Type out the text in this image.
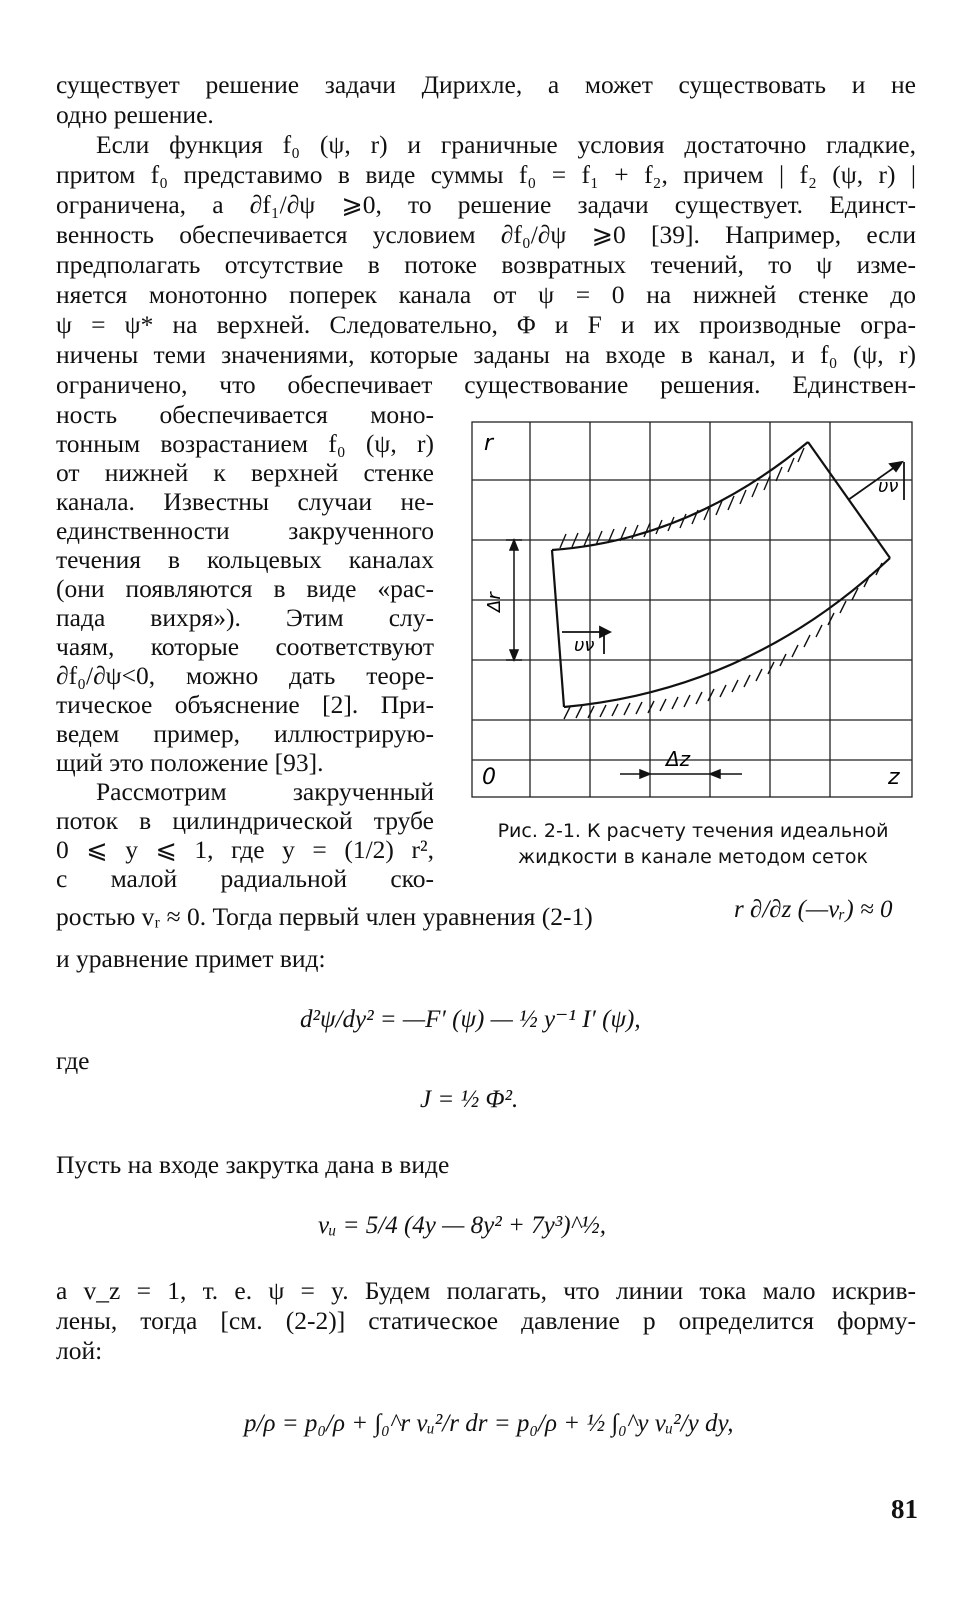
существует решение задачи Дирихле, а может существовать и не
одно решение.
Если функция f₀ (ψ, r) и граничные условия достаточно гладкие,
притом f₀ представимо в виде суммы f₀ = f₁ + f₂, причем | f₂ (ψ, r) |
ограничена, а ∂f₁/∂ψ ⩾0, то решение задачи существует. Единст-
венность обеспечивается условием ∂f₀/∂ψ ⩾0 [39]. Например, если
предполагать отсутствие в потоке возвратных течений, то ψ изме-
няется монотонно поперек канала от ψ = 0 на нижней стенке до
ψ = ψ* на верхней. Следовательно, Φ и F и их производные огра-
ничены теми значениями, которые заданы на входе в канал, и f₀ (ψ, r)
ограничено, что обеспечивает существование решения. Единствен-
ность обеспечивается моно-
тонным возрастанием f₀ (ψ, r)
от нижней к верхней стенке
канала. Известны случаи не-
единственности закрученного
течения в кольцевых каналах
(они появляются в виде «рас-
пада вихря»). Этим слу-
чаям, которые соответствуют
∂f₀/∂ψ<0, можно дать теоре-
тическое объяснение [2]. При-
ведем пример, иллюстрирую-
щий это положение [93].
Рассмотрим закрученный
поток в цилиндрической трубе
0 ⩽ y ⩽ 1, где y = (1/2) r²,
с малой радиальной ско-
r
0	z
Δz
Δr
υν
υν
Рис. 2-1. К расчету течения идеальной
жидкости в канале методом сеток
ростью vᵣ ≈ 0. Тогда первый член уравнения (2-1)	r ∂/∂z (—vᵣ) ≈ 0
и уравнение примет вид:
d²ψ/dy² = —F′ (ψ) — ½ y⁻¹ I′ (ψ),
где
J = ½ Φ².
Пусть на входе закрутка дана в виде
vᵤ = 5/4 (4y — 8y² + 7y³)^½,
а v_z = 1, т. е. ψ = y. Будем полагать, что линии тока мало искрив-
лены, тогда [см. (2-2)] статическое давление p определится форму-
лой:
p/ρ = p₀/ρ + ∫₀^r vᵤ²/r dr = p₀/ρ + ½ ∫₀^y vᵤ²/y dy,
81
